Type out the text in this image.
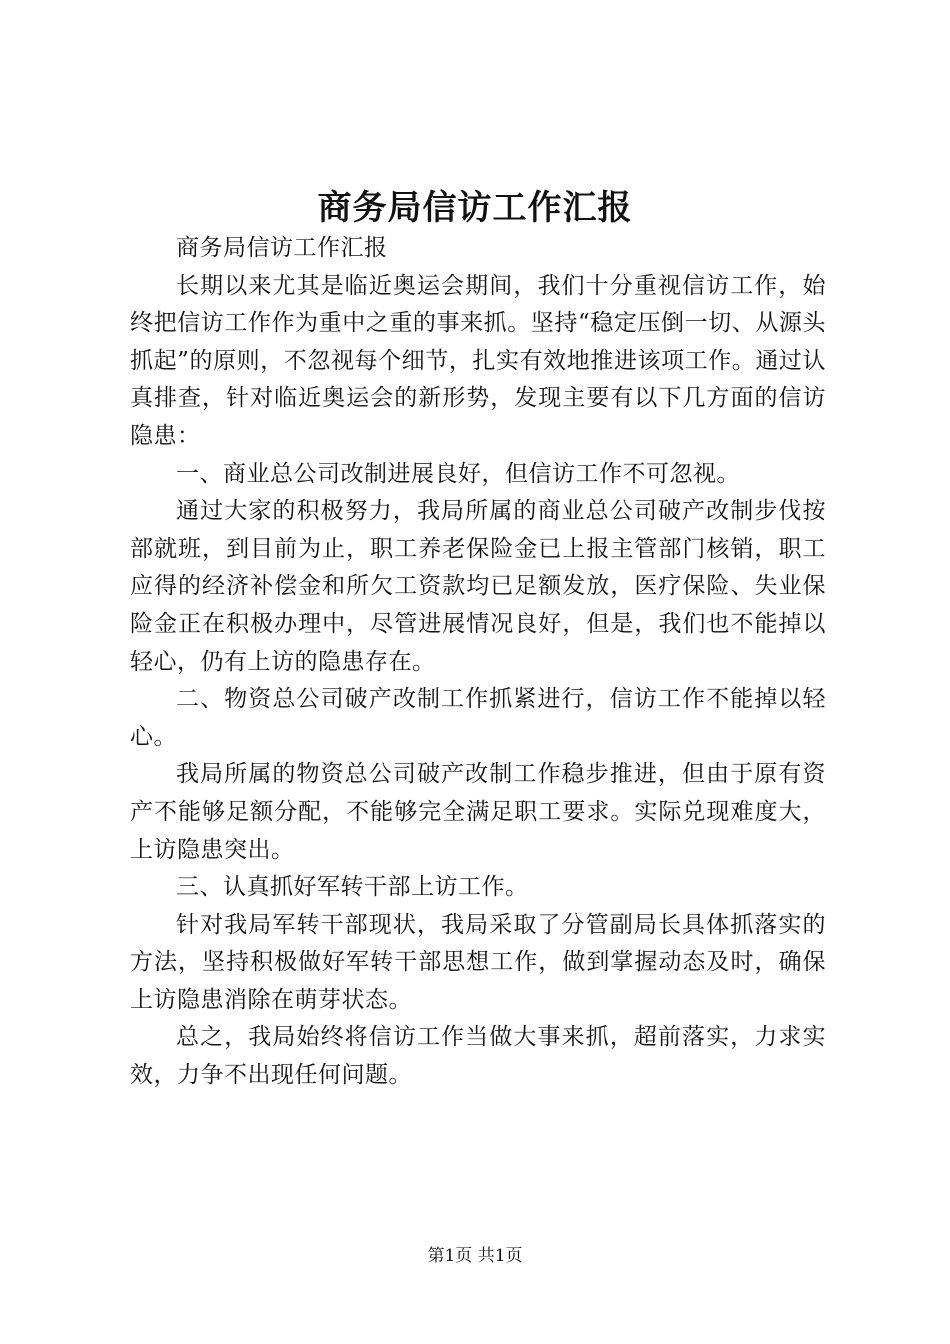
商务局信访工作汇报

商务局信访工作汇报

长期以来尤其是临近奥运会期间，我们十分重视信访工作，始终把信访工作作为重中之重的事来抓。坚持“稳定压倒一切、从源头抓起”的原则，不忽视每个细节，扎实有效地推进该项工作。通过认真排查，针对临近奥运会的新形势，发现主要有以下几方面的信访隐患：

一、商业总公司改制进展良好，但信访工作不可忽视。

通过大家的积极努力，我局所属的商业总公司破产改制步伐按部就班，到目前为止，职工养老保险金已上报主管部门核销，职工应得的经济补偿金和所欠工资款均已足额发放，医疗保险、失业保险金正在积极办理中，尽管进展情况良好，但是，我们也不能掉以轻心，仍有上访的隐患存在。

二、物资总公司破产改制工作抓紧进行，信访工作不能掉以轻心。

我局所属的物资总公司破产改制工作稳步推进，但由于原有资产不能够足额分配，不能够完全满足职工要求。实际兑现难度大，上访隐患突出。

三、认真抓好军转干部上访工作。

针对我局军转干部现状，我局采取了分管副局长具体抓落实的方法，坚持积极做好军转干部思想工作，做到掌握动态及时，确保上访隐患消除在萌芽状态。

总之，我局始终将信访工作当做大事来抓，超前落实，力求实效，力争不出现任何问题。

第1页 共1页
